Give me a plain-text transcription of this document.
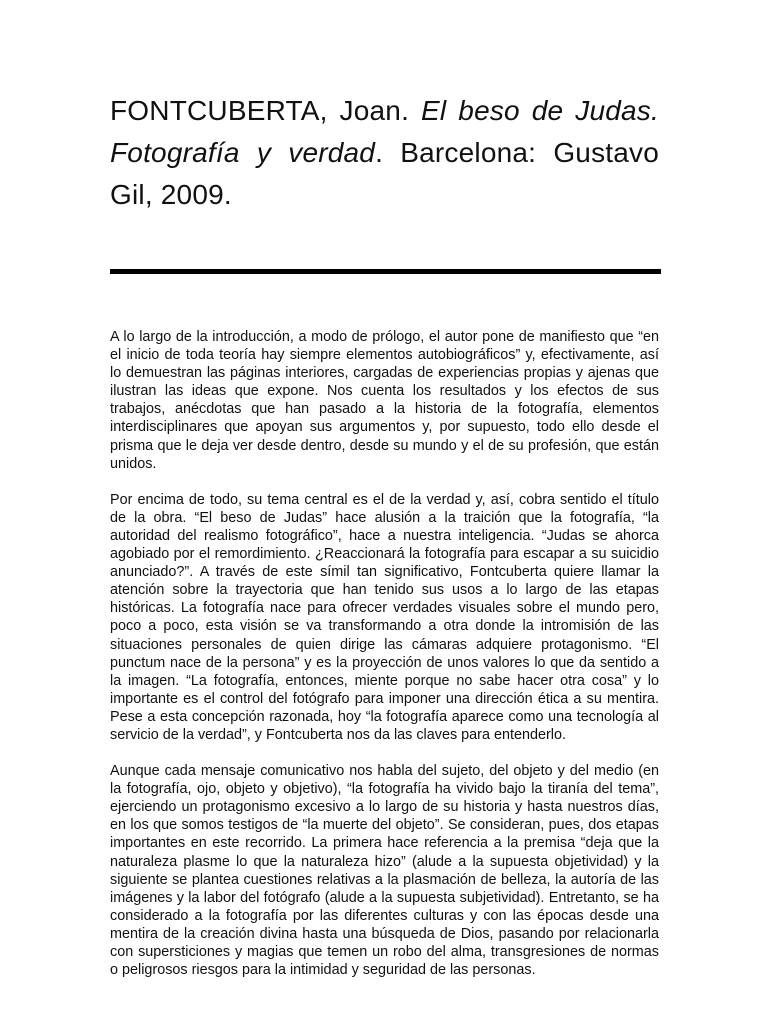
FONTCUBERTA, Joan. El beso de Judas. Fotografía y verdad. Barcelona: Gustavo Gil, 2009.

A lo largo de la introducción, a modo de prólogo, el autor pone de manifiesto que “en el inicio de toda teoría hay siempre elementos autobiográficos” y, efectivamente, así lo demuestran las páginas interiores, cargadas de experiencias propias y ajenas que ilustran las ideas que expone. Nos cuenta los resultados y los efectos de sus trabajos, anécdotas que han pasado a la historia de la fotografía, elementos interdisciplinares que apoyan sus argumentos y, por supuesto, todo ello desde el prisma que le deja ver desde dentro, desde su mundo y el de su profesión, que están unidos.

Por encima de todo, su tema central es el de la verdad y, así, cobra sentido el título de la obra. “El beso de Judas” hace alusión a la traición que la fotografía, “la autoridad del realismo fotográfico”, hace a nuestra inteligencia. “Judas se ahorca agobiado por el remordimiento. ¿Reaccionará la fotografía para escapar a su suicidio anunciado?”. A través de este símil tan significativo, Fontcuberta quiere llamar la atención sobre la trayectoria que han tenido sus usos a lo largo de las etapas históricas. La fotografía nace para ofrecer verdades visuales sobre el mundo pero, poco a poco, esta visión se va transformando a otra donde la intromisión de las situaciones personales de quien dirige las cámaras adquiere protagonismo. “El punctum nace de la persona” y es la proyección de unos valores lo que da sentido a la imagen. “La fotografía, entonces, miente porque no sabe hacer otra cosa” y lo importante es el control del fotógrafo para imponer una dirección ética a su mentira. Pese a esta concepción razonada, hoy “la fotografía aparece como una tecnología al servicio de la verdad”, y Fontcuberta nos da las claves para entenderlo.

Aunque cada mensaje comunicativo nos habla del sujeto, del objeto y del medio (en la fotografía, ojo, objeto y objetivo), “la fotografía ha vivido bajo la tiranía del tema”, ejerciendo un protagonismo excesivo a lo largo de su historia y hasta nuestros días, en los que somos testigos de “la muerte del objeto”. Se consideran, pues, dos etapas importantes en este recorrido. La primera hace referencia a la premisa “deja que la naturaleza plasme lo que la naturaleza hizo” (alude a la supuesta objetividad) y la siguiente se plantea cuestiones relativas a la plasmación de belleza, la autoría de las imágenes y la labor del fotógrafo (alude a la supuesta subjetividad). Entretanto, se ha considerado a la fotografía por las diferentes culturas y con las épocas desde una mentira de la creación divina hasta una búsqueda de Dios, pasando por relacionarla con supersticiones y magias que temen un robo del alma, transgresiones de normas o peligrosos riesgos para la intimidad y seguridad de las personas.
